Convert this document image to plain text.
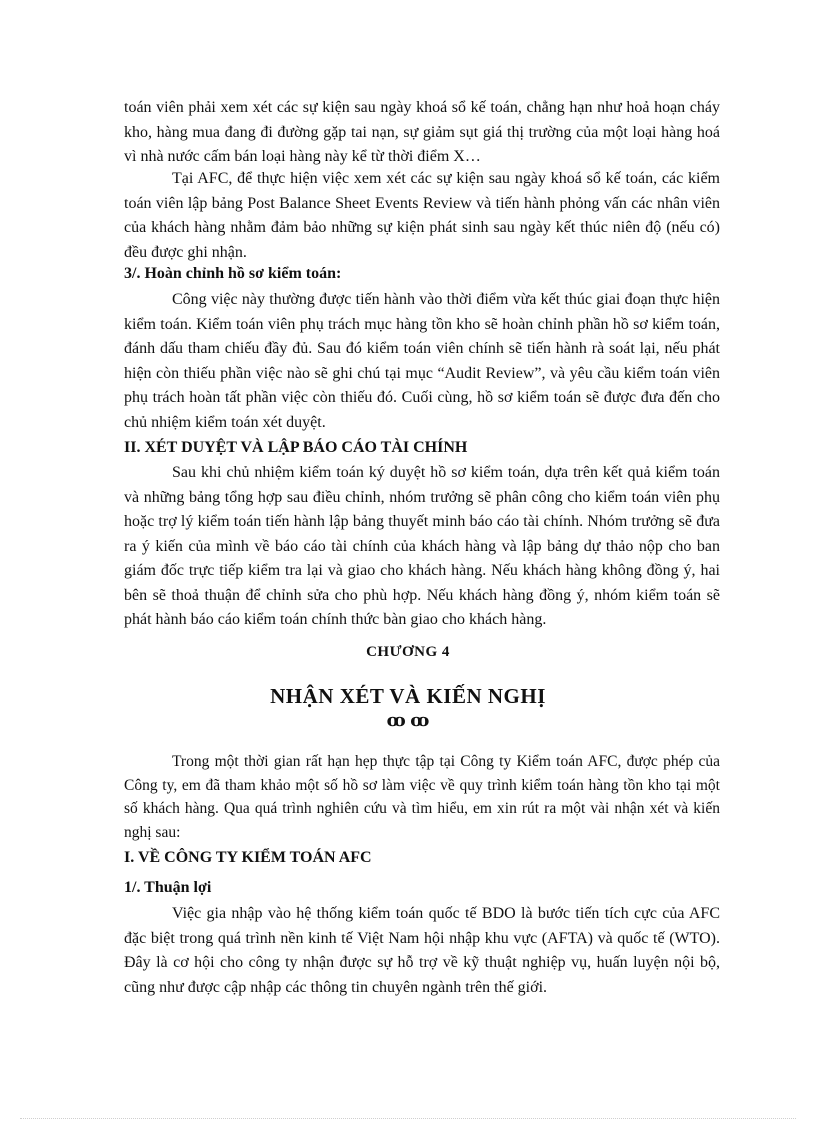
toán viên phải xem xét các sự kiện sau ngày khoá sổ kế toán, chẳng hạn như hoả hoạn cháy kho, hàng mua đang đi đường gặp tai nạn, sự giảm sụt giá thị trường của một loại hàng hoá vì nhà nước cấm bán loại hàng này kể từ thời điểm X…

Tại AFC, để thực hiện việc xem xét các sự kiện sau ngày khoá sổ kế toán, các kiểm toán viên lập bảng Post Balance Sheet Events Review và tiến hành phỏng vấn các nhân viên của khách hàng nhằm đảm bảo những sự kiện phát sinh sau ngày kết thúc niên độ (nếu có) đều được ghi nhận.

3/. Hoàn chỉnh hồ sơ kiểm toán:

Công việc này thường được tiến hành vào thời điểm vừa kết thúc giai đoạn thực hiện kiểm toán. Kiểm toán viên phụ trách mục hàng tồn kho sẽ hoàn chỉnh phần hồ sơ kiểm toán, đánh dấu tham chiếu đầy đủ. Sau đó kiểm toán viên chính sẽ tiến hành rà soát lại, nếu phát hiện còn thiếu phần việc nào sẽ ghi chú tại mục “Audit Review”, và yêu cầu kiểm toán viên phụ trách hoàn tất phần việc còn thiếu đó. Cuối cùng, hồ sơ kiểm toán sẽ được đưa đến cho chủ nhiệm kiểm toán xét duyệt.

II. XÉT DUYỆT VÀ LẬP BÁO CÁO TÀI CHÍNH

Sau khi chủ nhiệm kiểm toán ký duyệt hồ sơ kiểm toán, dựa trên kết quả kiểm toán và những bảng tổng hợp sau điều chỉnh, nhóm trưởng sẽ phân công cho kiểm toán viên phụ hoặc trợ lý kiểm toán tiến hành lập bảng thuyết minh báo cáo tài chính. Nhóm trưởng sẽ đưa ra ý kiến của mình về báo cáo tài chính của khách hàng và lập bảng dự thảo nộp cho ban giám đốc trực tiếp kiểm tra lại và giao cho khách hàng. Nếu khách hàng không đồng ý, hai bên sẽ thoả thuận để chỉnh sửa cho phù hợp. Nếu khách hàng đồng ý, nhóm kiểm toán sẽ phát hành báo cáo kiểm toán chính thức bàn giao cho khách hàng.

CHƯƠNG 4
NHẬN XÉT VÀ KIẾN NGHỊ
ꝏ ꝏ

Trong một thời gian rất hạn hẹp thực tập tại Công ty Kiểm toán AFC, được phép của Công ty, em đã tham khảo một số hồ sơ làm việc về quy trình kiểm toán hàng tồn kho tại một số khách hàng. Qua quá trình nghiên cứu và tìm hiểu, em xin rút ra một vài nhận xét và kiến nghị sau:

I. VỀ CÔNG TY KIỂM TOÁN AFC
1/. Thuận lợi

Việc gia nhập vào hệ thống kiểm toán quốc tế BDO là bước tiến tích cực của AFC đặc biệt trong quá trình nền kinh tế Việt Nam hội nhập khu vực (AFTA) và quốc tế (WTO). Đây là cơ hội cho công ty nhận được sự hỗ trợ về kỹ thuật nghiệp vụ, huấn luyện nội bộ, cũng như được cập nhập các thông tin chuyên ngành trên thế giới.
